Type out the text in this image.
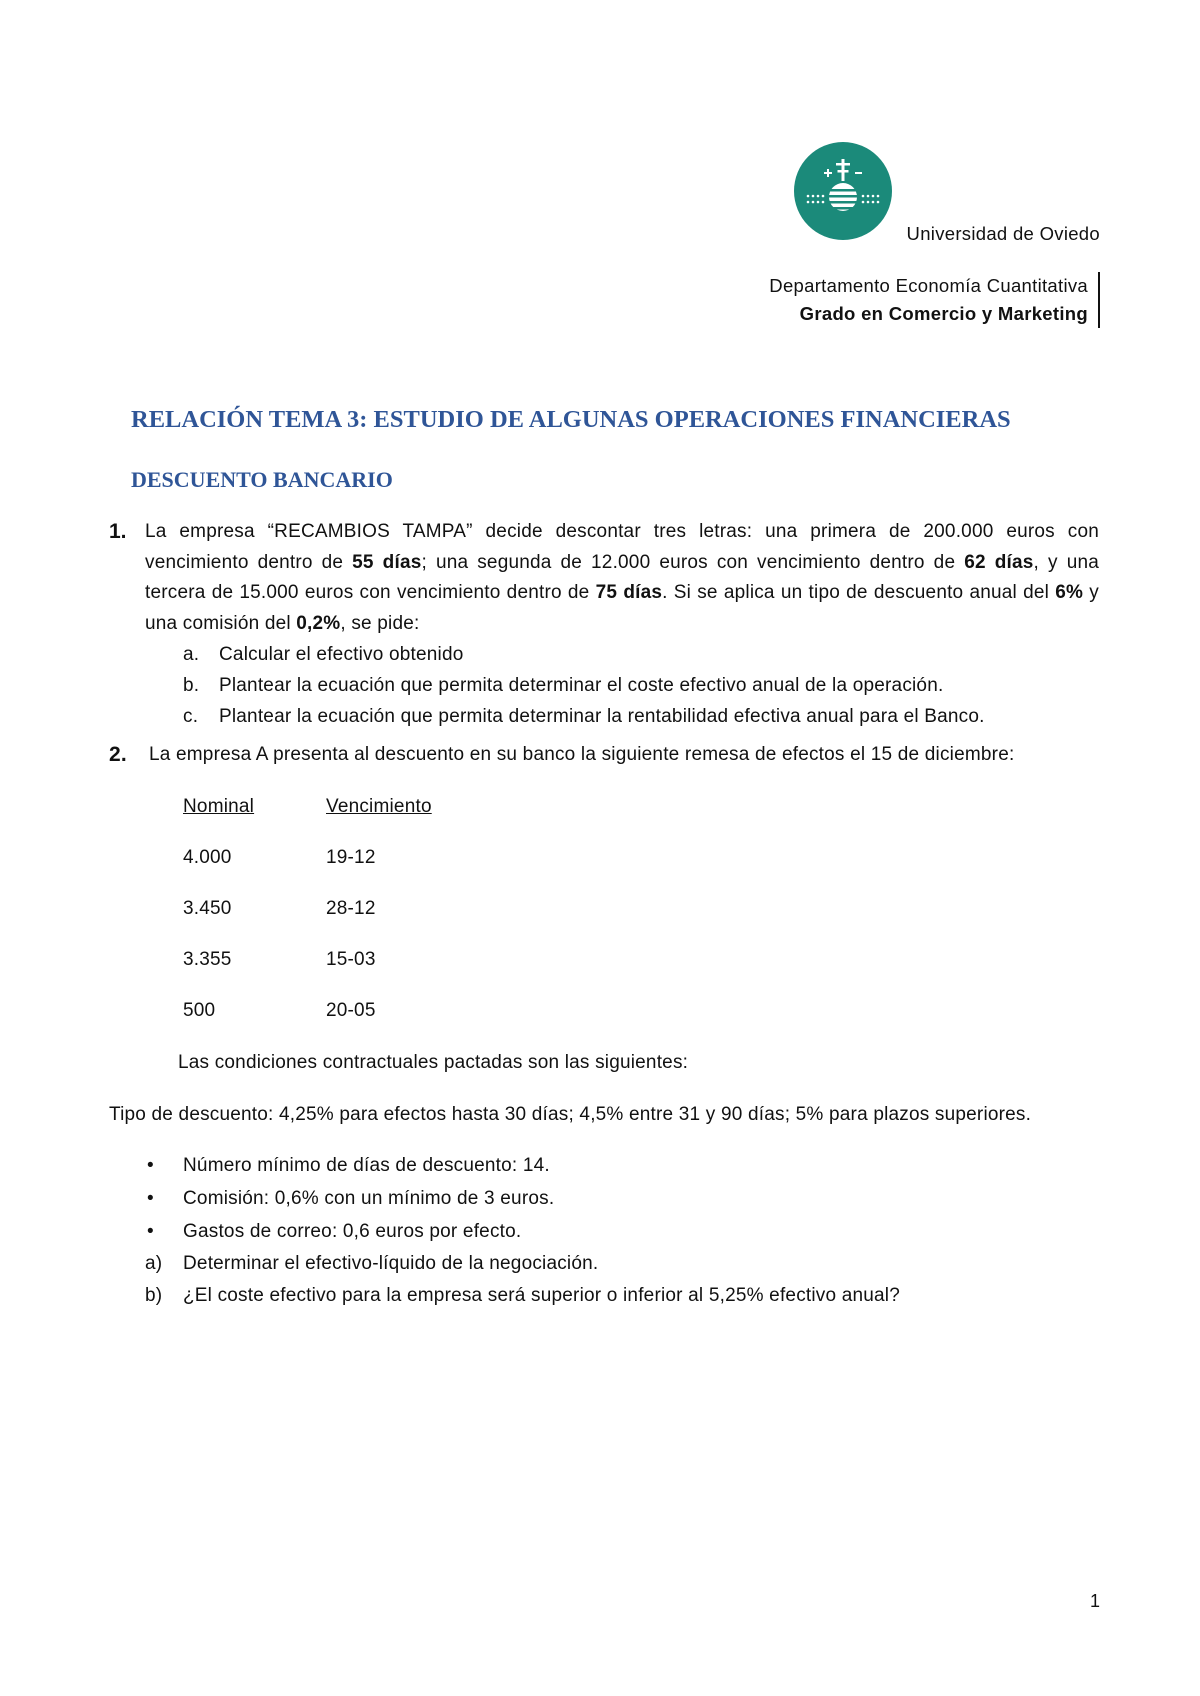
Universidad de Oviedo
Departamento Economía Cuantitativa
Grado en Comercio y Marketing
RELACIÓN TEMA 3: ESTUDIO DE ALGUNAS OPERACIONES FINANCIERAS
DESCUENTO BANCARIO
1. La empresa “RECAMBIOS TAMPA” decide descontar tres letras: una primera de 200.000 euros con vencimiento dentro de 55 días; una segunda de 12.000 euros con vencimiento dentro de 62 días, y una tercera de 15.000 euros con vencimiento dentro de 75 días. Si se aplica un tipo de descuento anual del 6% y una comisión del 0,2%, se pide:

a. Calcular el efectivo obtenido
b. Plantear la ecuación que permita determinar el coste efectivo anual de la operación.
c. Plantear la ecuación que permita determinar la rentabilidad efectiva anual para el Banco.
2. La empresa A presenta al descuento en su banco la siguiente remesa de efectos el 15 de diciembre:
Nominal	Vencimiento
4.000	19-12
3.450	28-12
3.355	15-03
500	20-05
Las condiciones contractuales pactadas son las siguientes:
Tipo de descuento: 4,25% para efectos hasta 30 días; 4,5% entre 31 y 90 días; 5% para plazos superiores.
•
Número mínimo de días de descuento: 14.
•
Comisión: 0,6% con un mínimo de 3 euros.
•
Gastos de correo: 0,6 euros por efecto.
a) Determinar el efectivo-líquido de la negociación.
b) ¿El coste efectivo para la empresa será superior o inferior al 5,25% efectivo anual?
1
